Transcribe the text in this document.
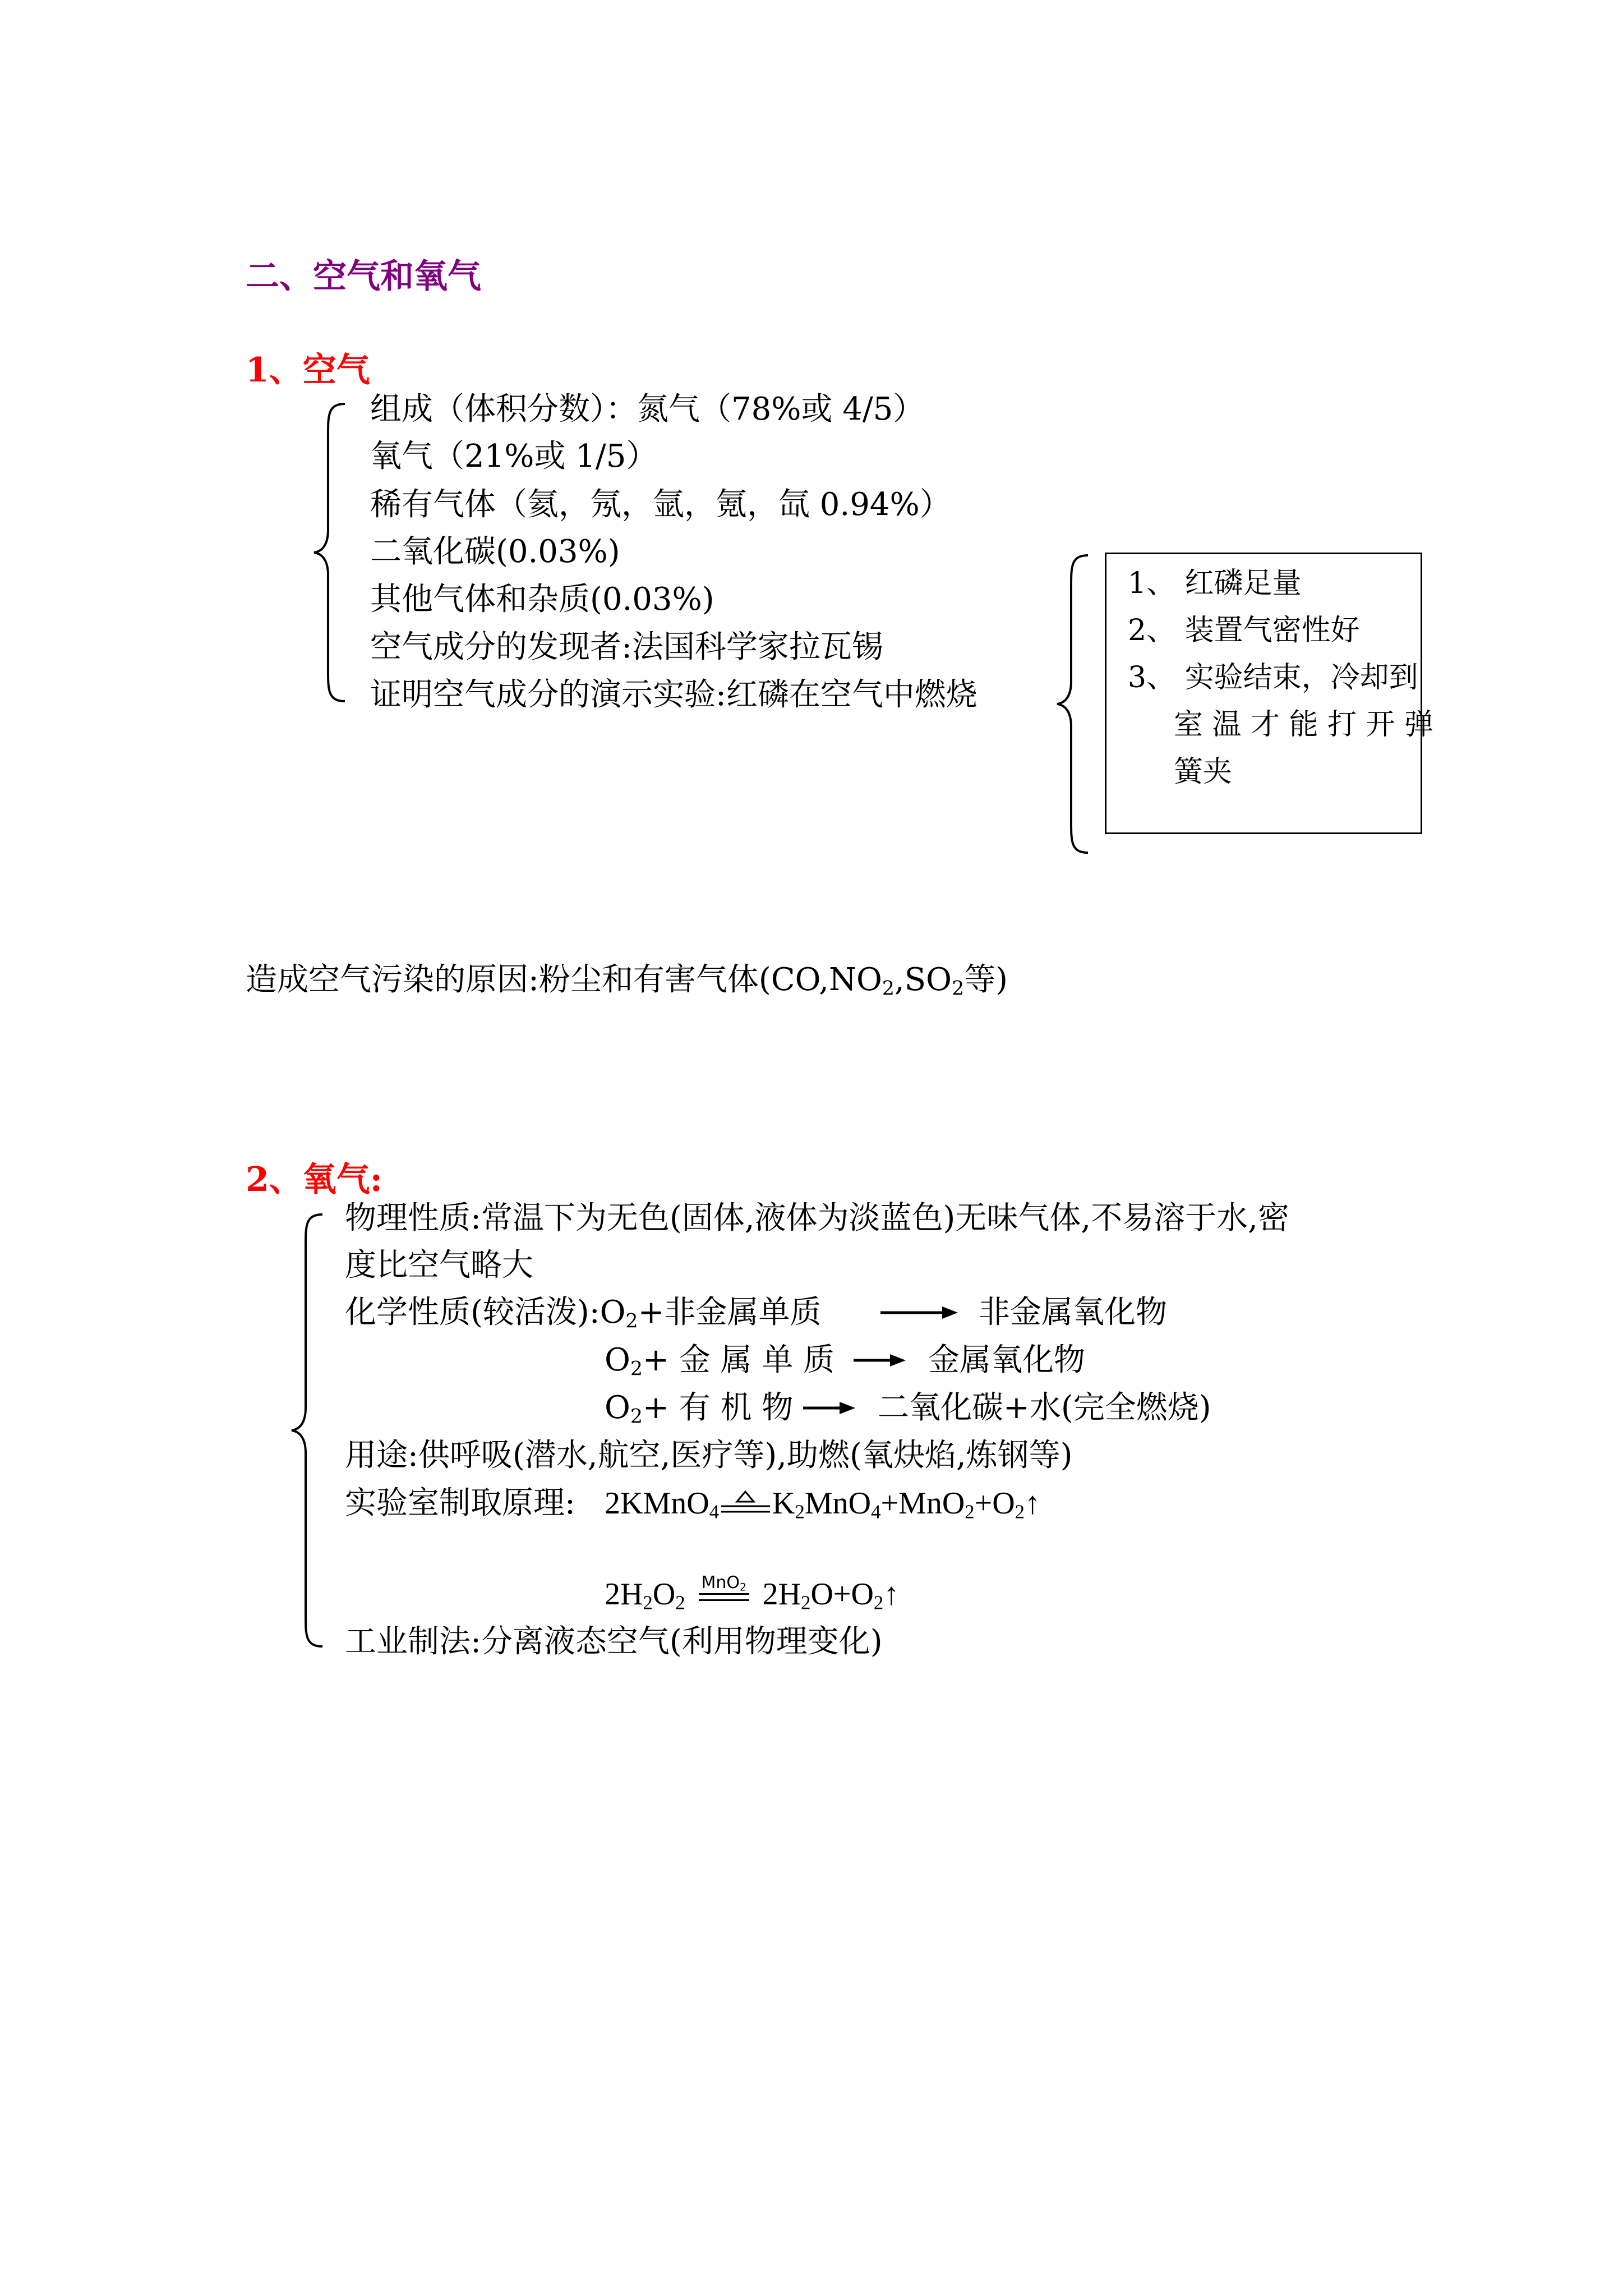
二、空气和氧气
1、空气
组成（体积分数）：氮气（78%或 4/5）
氧气（21%或 1/5）
稀有气体（氦，氖，氩，氪，氙 0.94%）
二氧化碳(0.03%)
其他气体和杂质(0.03%)
空气成分的发现者:法国科学家拉瓦锡
证明空气成分的演示实验:红磷在空气中燃烧
1、 红磷足量
2、 装置气密性好
3、 实验结束，冷却到
室 温 才 能 打 开 弹
簧夹
造成空气污染的原因:粉尘和有害气体($CO,NO_2,SO_2$等)
2、氧气:
物理性质:常温下为无色(固体,液体为淡蓝色)无味气体,不易溶于水,密
度比空气略大
化学性质(较活泼)$:O_2+$非金属单质	非金属氧化物
$O_2+$ 金 属 单 质	金属氧化物
$O_2+$ 有 机 物	二氧化碳+水(完全燃烧)
用途:供呼吸(潜水,航空,医疗等),助燃(氧炔焰,炼钢等)
实验室制取原理: 2KMnO$_4$ $K_2MnO_4+MnO_2+O_2↑$
$2H_2O_2$
MnO$_2$ $2H_2O+O_2↑$
工业制法:分离液态空气(利用物理变化)
